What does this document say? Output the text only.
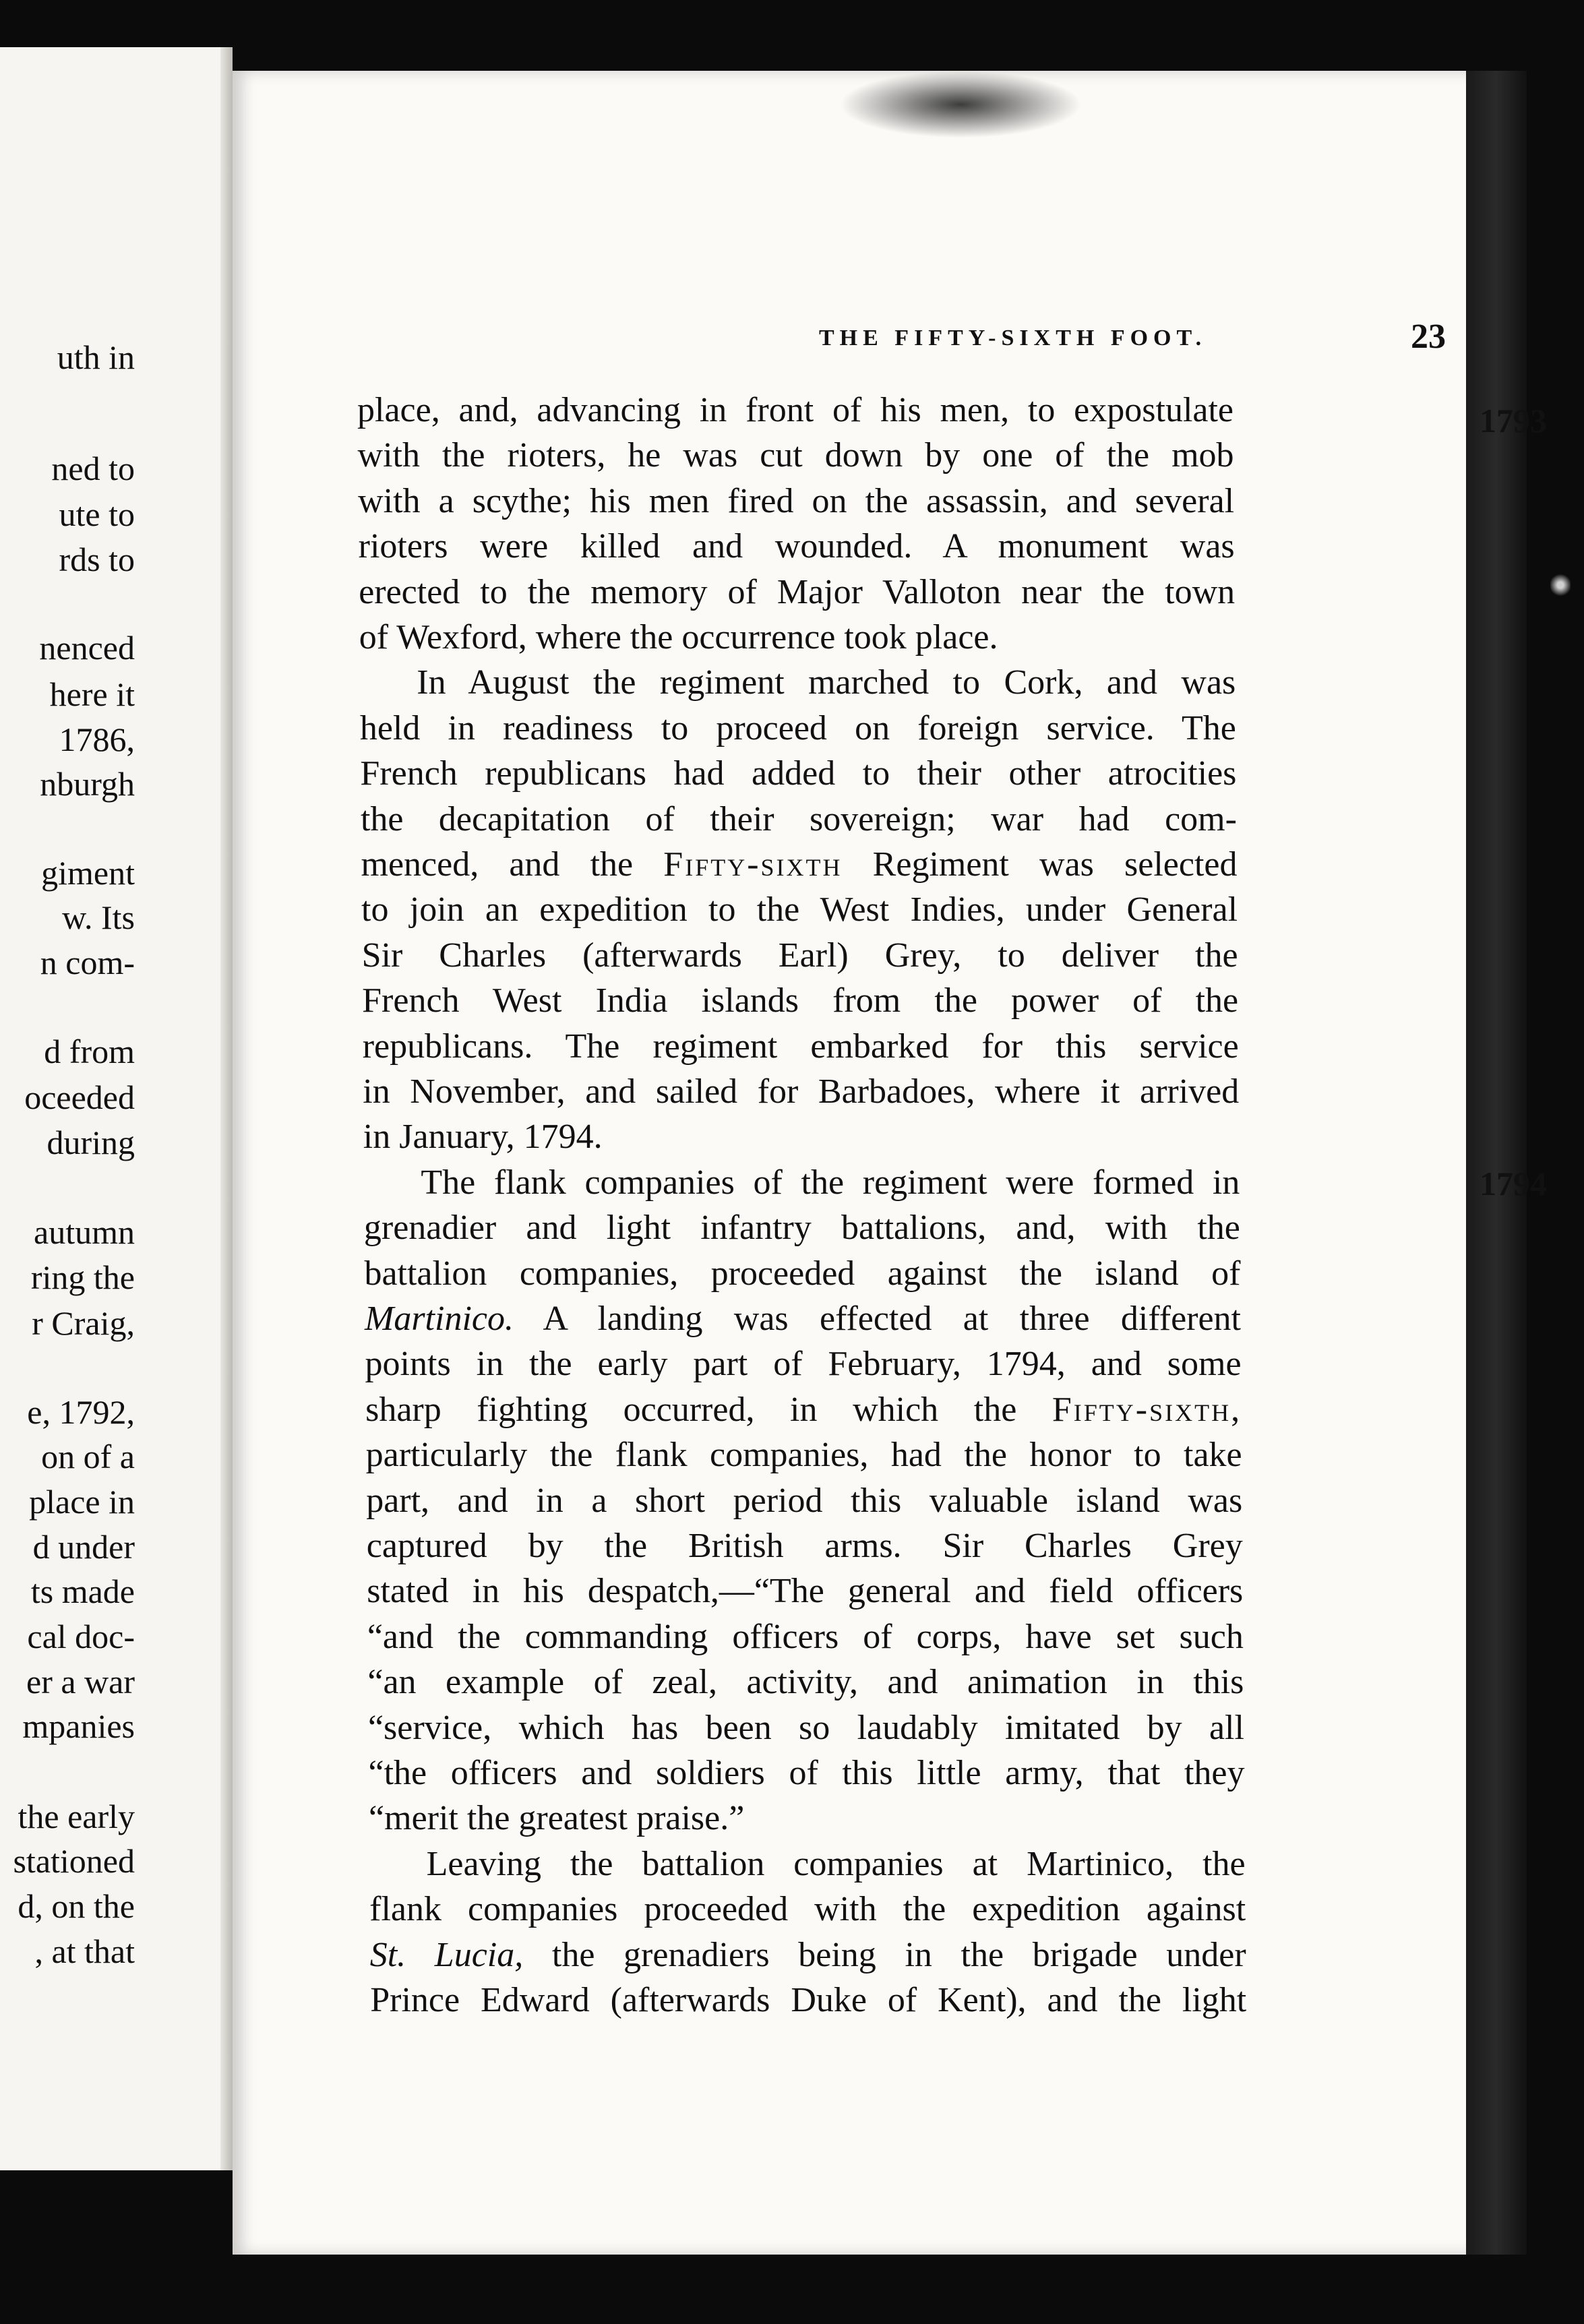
uth in
ned to
ute to
rds to
nenced
here it
1786,
nburgh
giment
w. Its
n com-
d from
oceeded
during
autumn
ring the
r Craig,
e, 1792,
on of a
place in
d under
ts made
cal doc-
er a war
mpanies
the early
stationed
d, on the
, at that
THE FIFTY-SIXTH FOOT.	23
place, and, advancing in front of his men, to expostulate
with the rioters, he was cut down by one of the mob
with a scythe; his men fired on the assassin, and several
rioters were killed and wounded. A monument was
erected to the memory of Major Valloton near the town
of Wexford, where the occurrence took place.
In August the regiment marched to Cork, and was
held in readiness to proceed on foreign service. The
French republicans had added to their other atrocities
the decapitation of their sovereign; war had com-
menced, and the Fifty-sixth Regiment was selected
to join an expedition to the West Indies, under General
Sir Charles (afterwards Earl) Grey, to deliver the
French West India islands from the power of the
republicans. The regiment embarked for this service
in November, and sailed for Barbadoes, where it arrived
in January, 1794.
The flank companies of the regiment were formed in
grenadier and light infantry battalions, and, with the
battalion companies, proceeded against the island of
Martinico. A landing was effected at three different
points in the early part of February, 1794, and some
sharp fighting occurred, in which the Fifty-sixth,
particularly the flank companies, had the honor to take
part, and in a short period this valuable island was
captured by the British arms. Sir Charles Grey
stated in his despatch,—“The general and field officers
“and the commanding officers of corps, have set such
“an example of zeal, activity, and animation in this
“service, which has been so laudably imitated by all
“the officers and soldiers of this little army, that they
“merit the greatest praise.”
Leaving the battalion companies at Martinico, the
flank companies proceeded with the expedition against
St. Lucia, the grenadiers being in the brigade under
Prince Edward (afterwards Duke of Kent), and the light
1793
1794
